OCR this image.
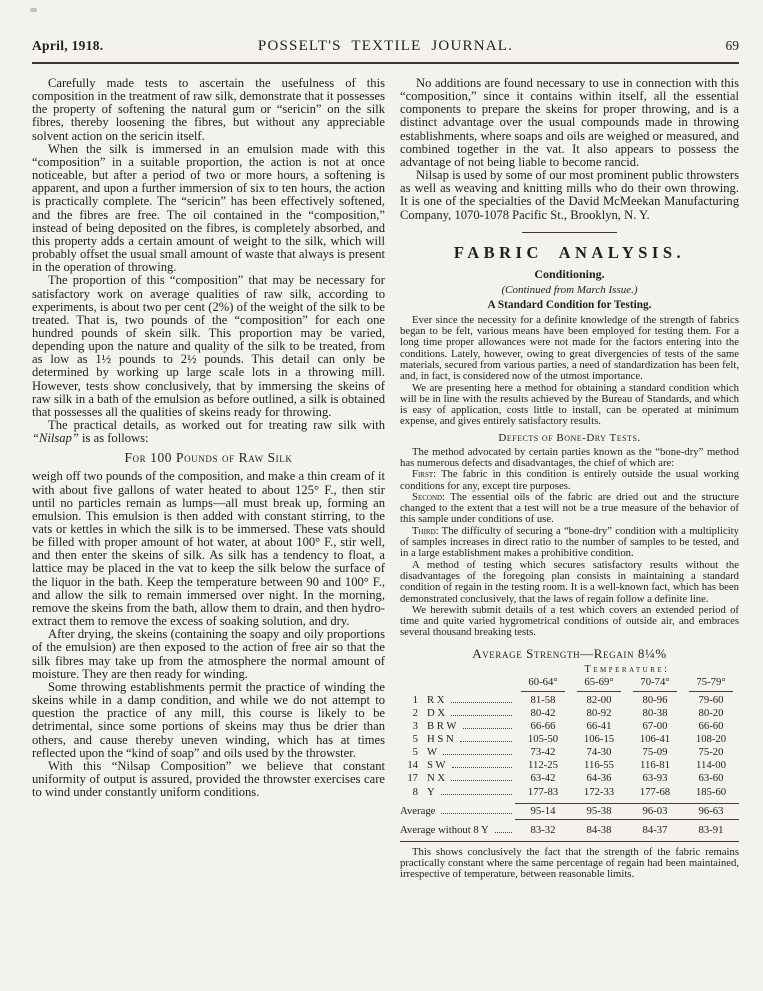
April, 1918.	POSSELT'S TEXTILE JOURNAL.	69

Carefully made tests to ascertain the usefulness of this composition in the treatment of raw silk, demonstrate that it possesses the property of softening the natural gum or “sericin” on the silk fibres, thereby loosening the fibres, but without any appreciable solvent action on the sericin itself.

When the silk is immersed in an emulsion made with this “composition” in a suitable proportion, the action is not at once noticeable, but after a period of two or more hours, a softening is apparent, and upon a further immersion of six to ten hours, the action is practically complete. The “sericin” has been effectively softened, and the fibres are free. The oil contained in the “composition,” instead of being deposited on the fibres, is completely absorbed, and this property adds a certain amount of weight to the silk, which will probably offset the usual small amount of waste that always is present in the operation of throwing.

The proportion of this “composition” that may be necessary for satisfactory work on average qualities of raw silk, according to experiments, is about two per cent (2%) of the weight of the silk to be treated. That is, two pounds of the “composition” for each one hundred pounds of skein silk. This proportion may be varied, depending upon the nature and quality of the silk to be treated, from as low as 1½ pounds to 2½ pounds. This detail can only be determined by working up large scale lots in a throwing mill. However, tests show conclusively, that by immersing the skeins of raw silk in a bath of the emulsion as before outlined, a silk is obtained that possesses all the qualities of skeins ready for throwing.

The practical details, as worked out for treating raw silk with “Nilsap” is as follows:

For 100 Pounds of Raw Silk

weigh off two pounds of the composition, and make a thin cream of it with about five gallons of water heated to about 125° F., then stir until no particles remain as lumps—all must break up, forming an emulsion. This emulsion is then added with constant stirring, to the vats or kettles in which the silk is to be immersed. These vats should be filled with proper amount of hot water, at about 100° F., stir well, and then enter the skeins of silk. As silk has a tendency to float, a lattice may be placed in the vat to keep the silk below the surface of the liquor in the bath. Keep the temperature between 90 and 100° F., and allow the silk to remain immersed over night. In the morning, remove the skeins from the bath, allow them to drain, and then hydro-extract them to remove the excess of soaking solution, and dry.

After drying, the skeins (containing the soapy and oily proportions of the emulsion) are then exposed to the action of free air so that the silk fibres may take up from the atmosphere the normal amount of moisture. They are then ready for winding.

Some throwing establishments permit the practice of winding the skeins while in a damp condition, and while we do not attempt to question the practice of any mill, this course is likely to be detrimental, since some portions of skeins may thus be drier than others, and cause thereby uneven winding, which has at times reflected upon the “kind of soap” and oils used by the throwster.

With this “Nilsap Composition” we believe that constant uniformity of output is assured, provided the throwster exercises care to wind under constantly uniform conditions.

No additions are found necessary to use in connection with this “composition,” since it contains within itself, all the essential components to prepare the skeins for proper throwing, and is a distinct advantage over the usual compounds made in throwing establishments, where soaps and oils are weighed or measured, and combined together in the vat. It also appears to possess the advantage of not being liable to become rancid.

Nilsap is used by some of our most prominent public throwsters as well as weaving and knitting mills who do their own throwing. It is one of the specialties of the David McMeekan Manufacturing Company, 1070-1078 Pacific St., Brooklyn, N. Y.

FABRIC ANALYSIS.
Conditioning.
(Continued from March Issue.)
A Standard Condition for Testing.

Ever since the necessity for a definite knowledge of the strength of fabrics began to be felt, various means have been employed for testing them. For a long time proper allowances were not made for the factors entering into the conditions. Lately, however, owing to great divergencies of tests of the same materials, secured from various parties, a need of standardization has been felt, and, in fact, is considered now of the utmost importance.

We are presenting here a method for obtaining a standard condition which will be in line with the results achieved by the Bureau of Standards, and which is easy of application, costs little to install, can be operated at minimum expense, and gives entirely satisfactory results.

Defects of Bone-Dry Tests.

The method advocated by certain parties known as the “bone-dry” method has numerous defects and disadvantages, the chief of which are:

First: The fabric in this condition is entirely outside the usual working conditions for any, except tire purposes.

Second: The essential oils of the fabric are dried out and the structure changed to the extent that a test will not be a true measure of the behavior of this sample under conditions of use.

Third: The difficulty of securing a “bone-dry” condition with a multiplicity of samples increases in direct ratio to the number of samples to be tested, and in a large establishment makes a prohibitive condition.

A method of testing which secures satisfactory results without the disadvantages of the foregoing plan consists in maintaining a standard condition of regain in the testing room. It is a well-known fact, which has been demonstrated conclusively, that the laws of regain follow a definite line.

We herewith submit details of a test which covers an extended period of time and quite varied hygrometrical conditions of outside air, and embraces several thousand breaking tests.

Average Strength—Regain 8¼%
Temperature:
60-64°	65-69°	70-74°	75-79°
1 R X	81-58	82-00	80-96	79-60
2 D X	80-42	80-92	80-38	80-20
3 B R W	66-66	66-41	67-00	66-60
5 H S N	105-50	106-15	106-41	108-20
5 W	73-42	74-30	75-09	75-20
14 S W	112-25	116-55	116-81	114-00
17 N X	63-42	64-36	63-93	63-60
8 Y	177-83	172-33	177-68	185-60
Average	95-14	95-38	96-03	96-63
Average without 8 Y	83-32	84-38	84-37	83-91

This shows conclusively the fact that the strength of the fabric remains practically constant where the same percentage of regain had been maintained, irrespective of temperature, between reasonable limits.
